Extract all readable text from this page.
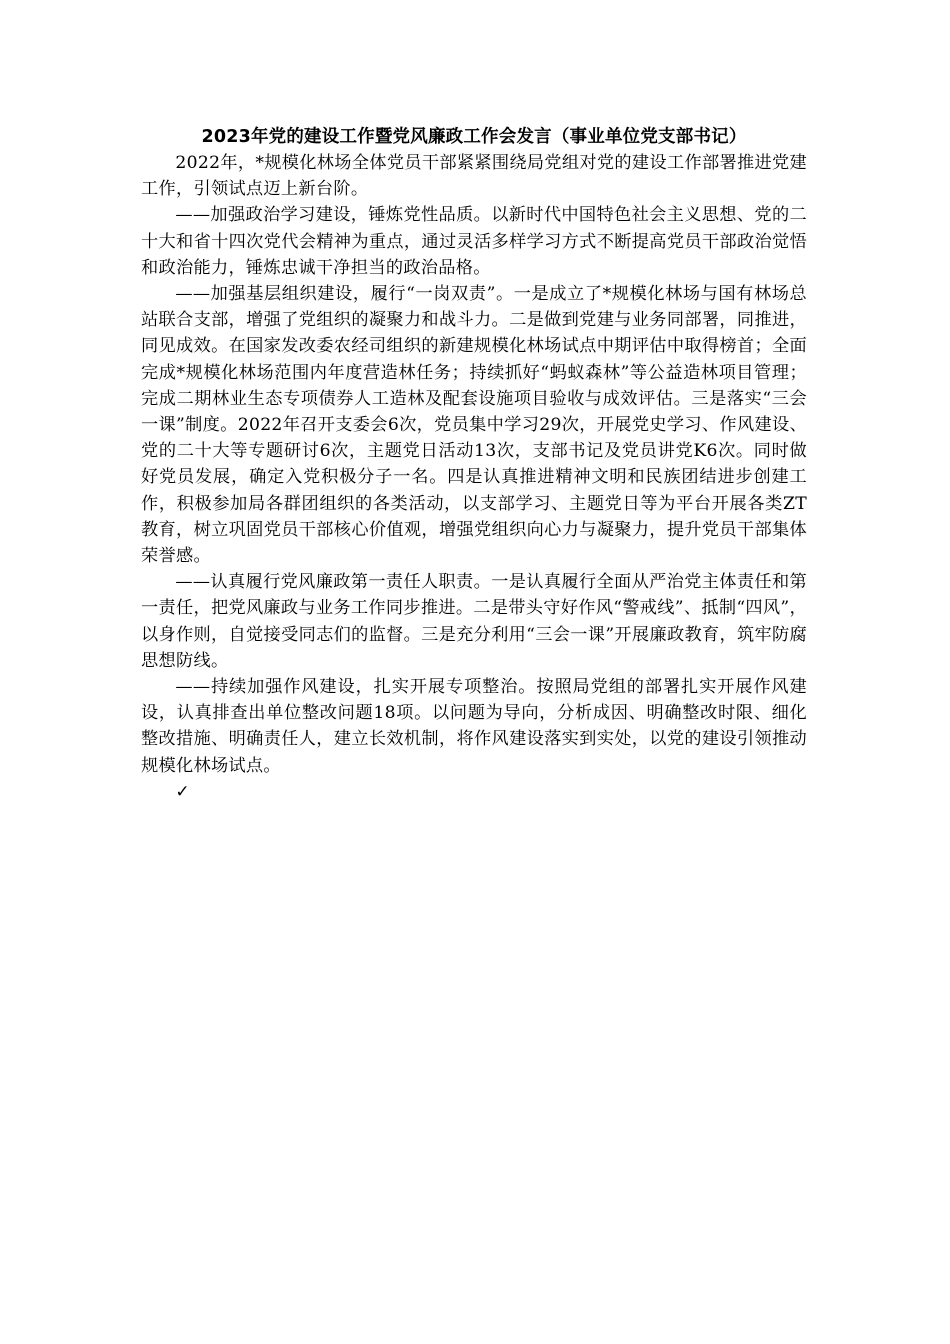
2023年党的建设工作暨党风廉政工作会发言（事业单位党支部书记）

2022年，*规模化林场全体党员干部紧紧围绕局党组对党的建设工作部署推进党建工作，引领试点迈上新台阶。

——加强政治学习建设，锤炼党性品质。以新时代中国特色社会主义思想、党的二十大和省十四次党代会精神为重点，通过灵活多样学习方式不断提高党员干部政治觉悟和政治能力，锤炼忠诚干净担当的政治品格。

——加强基层组织建设，履行“一岗双责”。一是成立了*规模化林场与国有林场总站联合支部，增强了党组织的凝聚力和战斗力。二是做到党建与业务同部署，同推进，同见成效。在国家发改委农经司组织的新建规模化林场试点中期评估中取得榜首；全面完成*规模化林场范围内年度营造林任务；持续抓好“蚂蚁森林”等公益造林项目管理；完成二期林业生态专项债券人工造林及配套设施项目验收与成效评估。三是落实“三会一课”制度。2022年召开支委会6次，党员集中学习29次，开展党史学习、作风建设、党的二十大等专题研讨6次，主题党日活动13次，支部书记及党员讲党K6次。同时做好党员发展，确定入党积极分子一名。四是认真推进精神文明和民族团结进步创建工作，积极参加局各群团组织的各类活动，以支部学习、主题党日等为平台开展各类ZT教育，树立巩固党员干部核心价值观，增强党组织向心力与凝聚力，提升党员干部集体荣誉感。

——认真履行党风廉政第一责任人职责。一是认真履行全面从严治党主体责任和第一责任，把党风廉政与业务工作同步推进。二是带头守好作风“警戒线”、抵制“四风”，以身作则，自觉接受同志们的监督。三是充分利用“三会一课”开展廉政教育，筑牢防腐思想防线。

——持续加强作风建设，扎实开展专项整治。按照局党组的部署扎实开展作风建设，认真排查出单位整改问题18项。以问题为导向，分析成因、明确整改时限、细化整改措施、明确责任人，建立长效机制，将作风建设落实到实处，以党的建设引领推动规模化林场试点。

✓
